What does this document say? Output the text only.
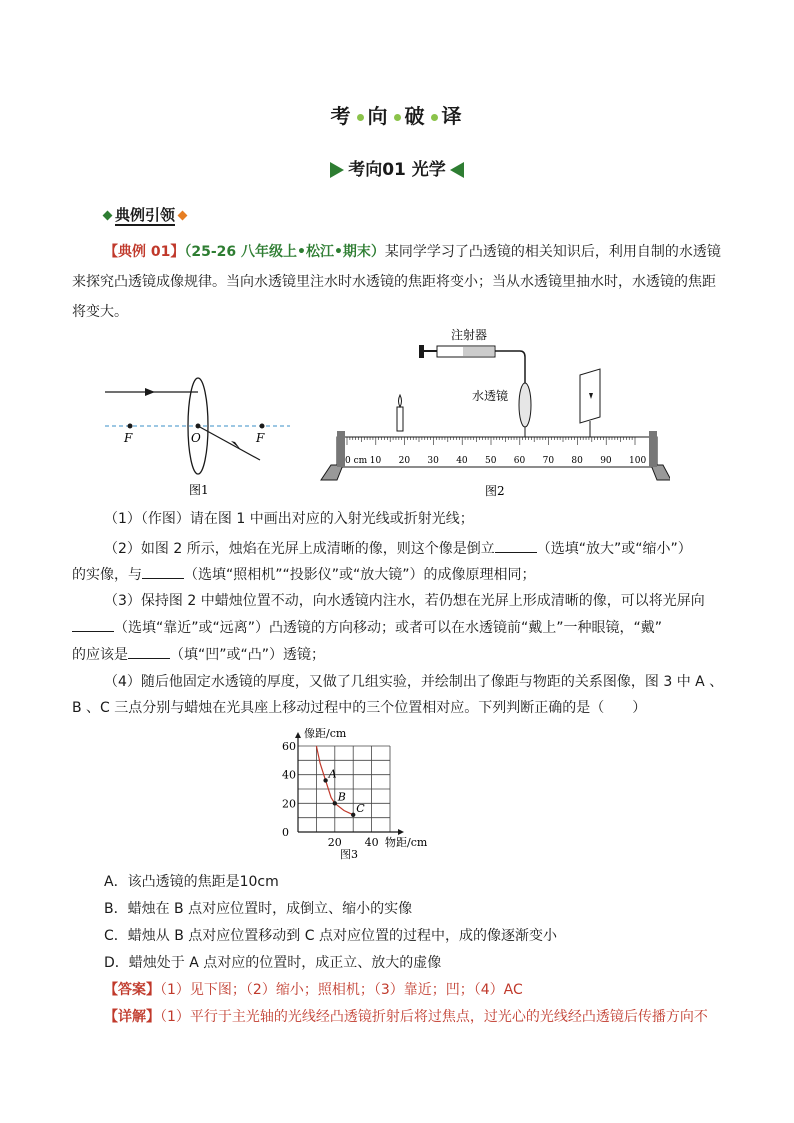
考 向 破 译
考向01 光学
典例引领
【典例 01】（25-26 八年级上•松江•期末）某同学学习了凸透镜的相关知识后，利用自制的水透镜
来探究凸透镜成像规律。当向水透镜里注水时水透镜的焦距将变小；当从水透镜里抽水时，水透镜的焦距
将变大。
F	O	F
图1
注射器
水透镜
0 cm 10 20 30 40 50 60 70 80 90 100
图2
（1）（作图）请在图 1 中画出对应的入射光线或折射光线；
（2）如图 2 所示，烛焰在光屏上成清晰的像，则这个像是倒立	（选填“放大”或“缩小”）
的实像，与	（选填“照相机”“投影仪”或“放大镜”）的成像原理相同；
（3）保持图 2 中蜡烛位置不动，向水透镜内注水，若仍想在光屏上形成清晰的像，可以将光屏向
（选填“靠近”或“远离”）凸透镜的方向移动；或者可以在水透镜前“戴上”一种眼镜，“戴”
的应该是	（填“凹”或“凸”）透镜；
（4）随后他固定水透镜的厚度，又做了几组实验，并绘制出了像距与物距的关系图像，图 3 中 A 、
B 、C 三点分别与蜡烛在光具座上移动过程中的三个位置相对应。下列判断正确的是（　　）
0
20
40
60
20 40
A
B
C
像距/cm
物距/cm
图3
A．该凸透镜的焦距是10cm
B．蜡烛在 B 点对应位置时，成倒立、缩小的实像
C．蜡烛从 B 点对应位置移动到 C 点对应位置的过程中，成的像逐渐变小
D．蜡烛处于 A 点对应的位置时，成正立、放大的虚像
【答案】（1）见下图；（2）缩小；照相机；（3）靠近；凹；（4）AC
【详解】（1）平行于主光轴的光线经凸透镜折射后将过焦点，过光心的光线经凸透镜后传播方向不
